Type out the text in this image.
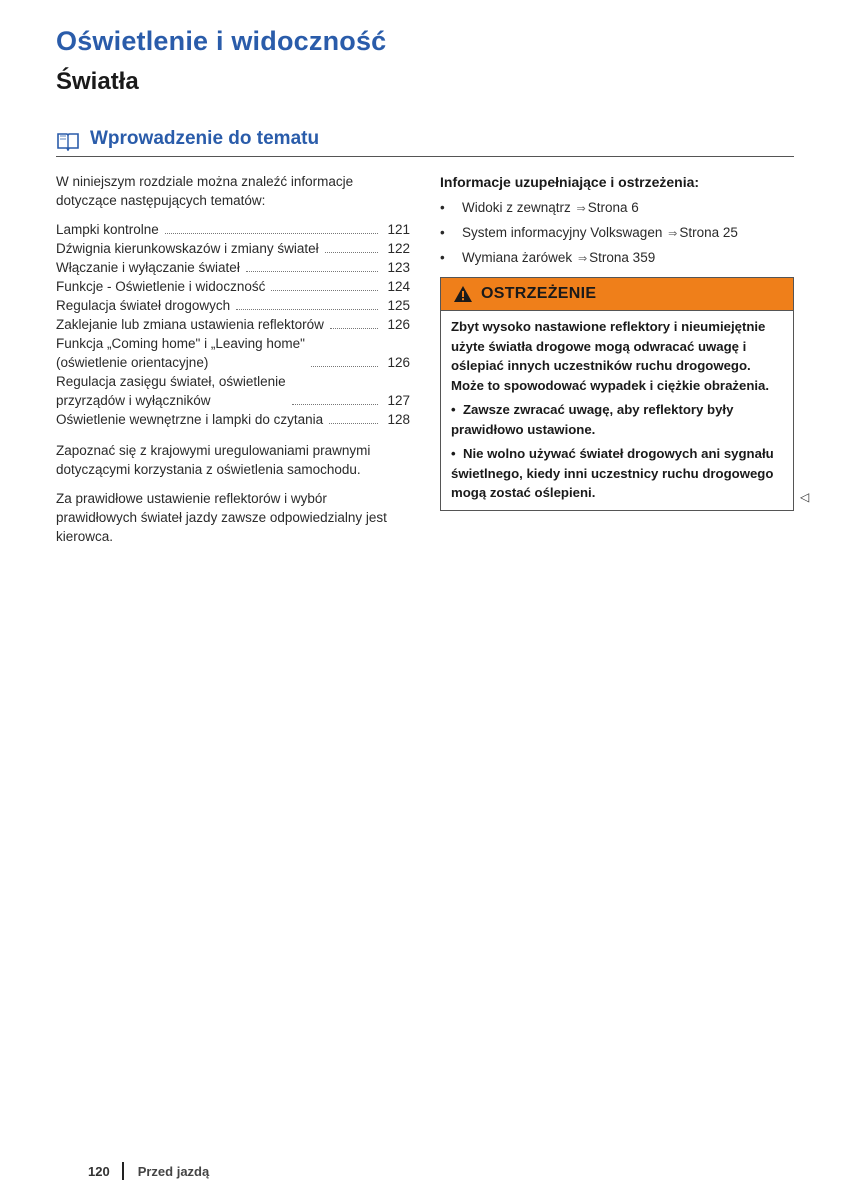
Oświetlenie i widoczność
Światła
Wprowadzenie do tematu

W niniejszym rozdziale można znaleźć informacje dotyczące następujących tematów:

Lampki kontrolne	121
Dźwignia kierunkowskazów i zmiany świateł	122
Włączanie i wyłączanie świateł	123
Funkcje - Oświetlenie i widoczność	124
Regulacja świateł drogowych	125
Zaklejanie lub zmiana ustawienia reflektorów	126
Funkcja „Coming home" i „Leaving home"
(oświetlenie orientacyjne)	126
Regulacja zasięgu świateł, oświetlenie
przyrządów i wyłączników	127
Oświetlenie wewnętrzne i lampki do czytania	128

Zapoznać się z krajowymi uregulowaniami prawnymi dotyczącymi korzystania z oświetlenia samochodu.

Za prawidłowe ustawienie reflektorów i wybór prawidłowych świateł jazdy zawsze odpowiedzialny jest kierowca.

Informacje uzupełniające i ostrzeżenia:
• Widoki z zewnątrz ⇒ Strona 6
• System informacyjny Volkswagen ⇒ Strona 25
• Wymiana żarówek ⇒ Strona 359
OSTRZEŻENIE

Zbyt wysoko nastawione reflektory i nieumiejętnie użyte światła drogowe mogą odwracać uwagę i oślepiać innych uczestników ruchu drogowego. Może to spowodować wypadek i ciężkie obrażenia.

•  Zawsze zwracać uwagę, aby reflektory były prawidłowo ustawione.

•  Nie wolno używać świateł drogowych ani sygnału świetlnego, kiedy inni uczestnicy ruchu drogowego mogą zostać oślepieni.	◁
120 Przed jazdą
